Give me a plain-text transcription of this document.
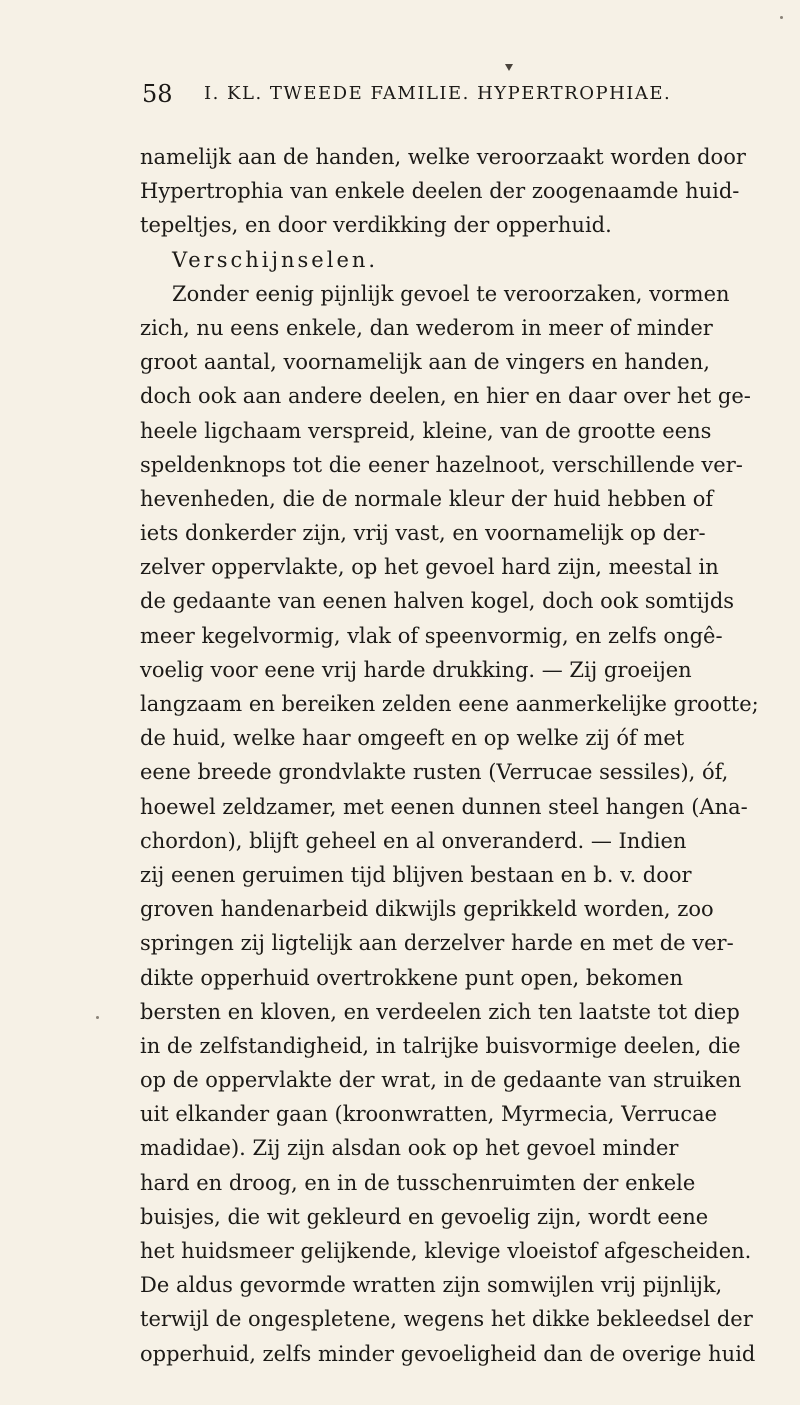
58 I. KL. TWEEDE FAMILIE. HYPERTROPHIAE.
namelijk aan de handen, welke veroorzaakt worden door
Hypertrophia van enkele deelen der zoogenaamde huid-
tepeltjes, en door verdikking der opperhuid.
Verschijnselen.
Zonder eenig pijnlijk gevoel te veroorzaken, vormen
zich, nu eens enkele, dan wederom in meer of minder
groot aantal, voornamelijk aan de vingers en handen,
doch ook aan andere deelen, en hier en daar over het ge-
heele ligchaam verspreid, kleine, van de grootte eens
speldenknops tot die eener hazelnoot, verschillende ver-
hevenheden, die de normale kleur der huid hebben of
iets donkerder zijn, vrij vast, en voornamelijk op der-
zelver oppervlakte, op het gevoel hard zijn, meestal in
de gedaante van eenen halven kogel, doch ook somtijds
meer kegelvormig, vlak of speenvormig, en zelfs ongê-
voelig voor eene vrij harde drukking. — Zij groeijen
langzaam en bereiken zelden eene aanmerkelijke grootte;
de huid, welke haar omgeeft en op welke zij óf met
eene breede grondvlakte rusten (Verrucae sessiles), óf,
hoewel zeldzamer, met eenen dunnen steel hangen (Ana-
chordon), blijft geheel en al onveranderd. — Indien
zij eenen geruimen tijd blijven bestaan en b. v. door
groven handenarbeid dikwijls geprikkeld worden, zoo
springen zij ligtelijk aan derzelver harde en met de ver-
dikte opperhuid overtrokkene punt open, bekomen
bersten en kloven, en verdeelen zich ten laatste tot diep
in de zelfstandigheid, in talrijke buisvormige deelen, die
op de oppervlakte der wrat, in de gedaante van struiken
uit elkander gaan (kroonwratten, Myrmecia, Verrucae
madidae). Zij zijn alsdan ook op het gevoel minder
hard en droog, en in de tusschenruimten der enkele
buisjes, die wit gekleurd en gevoelig zijn, wordt eene
het huidsmeer gelijkende, klevige vloeistof afgescheiden.
De aldus gevormde wratten zijn somwijlen vrij pijnlijk,
terwijl de ongespletene, wegens het dikke bekleedsel der
opperhuid, zelfs minder gevoeligheid dan de overige huid
